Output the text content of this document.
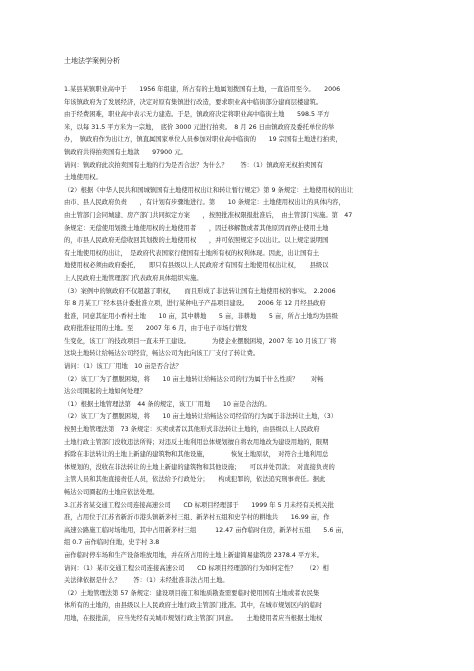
土地法学案例分析
1.某县某镇职业高中于　　1956 年组建，所占有的土地属划拨国有土地，一直沿用至今。　　2006
年该镇政府为了发展经济，决定对原有集镇进行改造，要求职业高中临街部分建商层楼建筑。
由于经费困难，职业高中表示无力建造。于是，镇政府决定将职业高中临街土地　　598.5 平方
米，以每 31.5 平方米为一宗地，　底价 3000 元进行拍卖。　8 月 26 日由镇政府及委托单位的举
办，　镇政府作为出让方，镇直属国家单位人员参加对职业高中临街的　　19 宗国有土地进行拍卖，
镇政府共得拍卖国有土地款　　97900 元。
请问：镇政府此次拍卖国有土地的行为是否合法？为什么？　　答：（1）镇政府无权拍卖国有
土地使用权。
（2）根据《中华人民共和国城镇国有土地使用权出让和转让暂行规定》第 9 条规定：土地使用权的出让
由市、县人民政府负责　　，有计划有步骤地进行。第　　10 条规定：土地使用权出让的具体内容，
由土管部门会同城建、房产部门共同拟定方案　　，按照批准权限报批准后，　由土管部门实施。第　47
条规定：无偿使用划拨土地使用权的土地使用者　　，因迁移解散或者其他原因而停止使用土地
的，市县人民政府无偿收回其划拨的土地使用权　　，并可依照规定予以出让。以上规定说明国
有土地使用权的出让，　是政府代表国家行使国有土地所有权的权利体现。因此，出让国有土
地使用权必须由政府委托，　　即只有县级以上人民政府才有国有土地使用权出让权，　　县级以
上人民政府土地管理部门代表政府具体组织实施。
（3）案例中的镇政府不仅超越了职权，　　而且形成了非法转让国有土地使用权的事实。　2.2006
年 8 月某工厂经本县计委批准立项，进行某种电子产品项目建设。　　2006 年 12 月经县政府
批准，同意其征用小香村土地　　10 亩，其中耕地　　5 亩，非耕地　　5 亩，所占土地均为县级
政府批准征用的土地。至　　2007 年 6 月，由于电子市场行情发
生变化，该工厂的技改项目一直未开工建设。　　　　为使企业摆脱困境，2007 年 10 月该工厂将
这块土地转让给畅达公司经营，畅达公司为此向该工厂支付了转让费。
请问：（1）该工厂用地　10 亩是否合法？
（2）该工厂为了摆脱困境，将　　10 亩土地转让给畅达公司的行为属于什么性质？　　对畅
达公司圈起的土地如何处理？
（1）根据土地管理法第　44 条的规定，该工厂用地　　10 亩是合法的。
（2）该工厂为了摆脱困境，将　　10 亩土地转让给畅达公司经营的行为属于非法转让土地，（3）
按照土地管理法第　73 条规定：买卖或者以其他形式非法转让土地的，由县级以上人民政府
土地行政主管部门没收违法所得；对违反土地利用总体规划擅自将农用地改为建设用地的，限期
拆除在非法转让的土地上新建的建筑物和其他设施，　　　　恢复土地原状，　对符合土地利用总
体规划的，没收在非法转让的土地上新建的建筑物和其他设施；　　可以并处罚款；　对直接负责的
主管人员和其他直接责任人员，依法给予行政处分；　　构成犯罪的，依法追究刑事责任。据此
畅达公司圈起的土地应依法处理。
3.江苏省某交通工程公司连接高速公司　　CD 标项目经理部于　　1999 年 5 月未经有关机关批
准，占用位于江苏省新沂市港头镇新茅村三组、新茅村五组和史芋村的耕地共　　16.99 亩，作
高速公路施工临时场地用，其中占用新茅村三组　　　12.47 亩作临时住房，新茅村五组　　5.6 亩，
组 0.7 亩作临时住地，史芋村 3.8
亩作临时停车场和生产设备堆放用地，并在所占用的土地上新建简易建筑房 2378.4 平方米。
请问：（1）某市交通工程公司连接高速公司　　CD 标项目经理部的行为如何定性？　　（2）相
关法律依据是什么？　　答：（1）未经批准非法占用土地。
（2）土地管理法第 57 条规定：建设项目施工和地质勘查需要临时使用国有土地或者农民集
体所有的土地的，由县级以上人民政府土地行政主管部门批准。其中，在城市规划区内的临时
用地，在报批前，　应当先经有关城市规划行政主管部门同意。　　土地使用者应当根据土地权
